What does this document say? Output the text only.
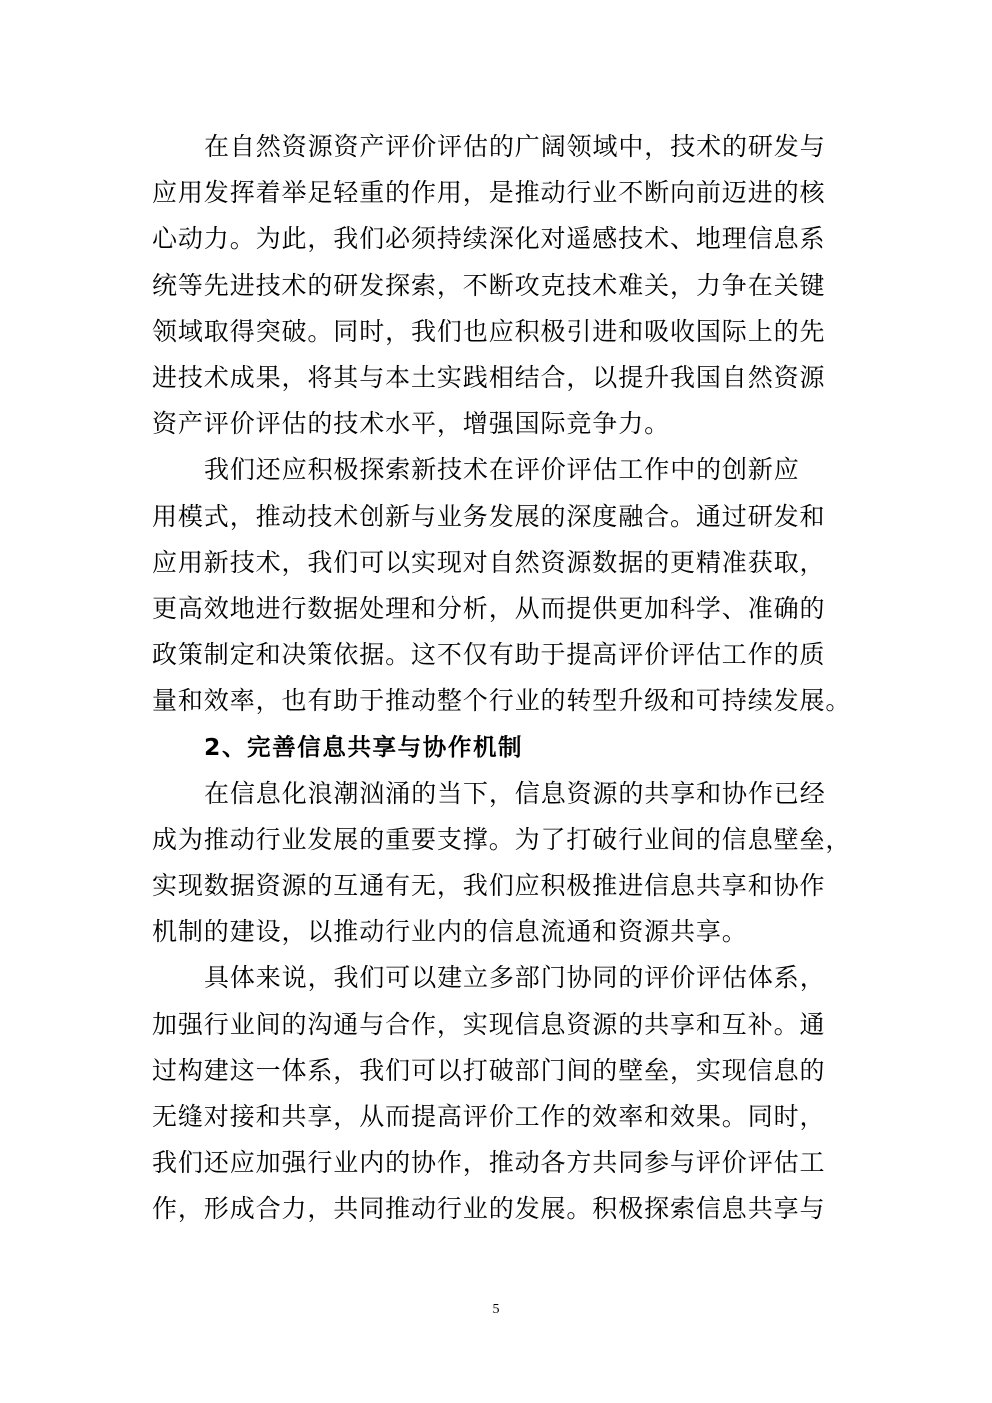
在自然资源资产评价评估的广阔领域中，技术的研发与
应用发挥着举足轻重的作用，是推动行业不断向前迈进的核
心动力。为此，我们必须持续深化对遥感技术、地理信息系
统等先进技术的研发探索，不断攻克技术难关，力争在关键
领域取得突破。同时，我们也应积极引进和吸收国际上的先
进技术成果，将其与本土实践相结合，以提升我国自然资源
资产评价评估的技术水平，增强国际竞争力。
我们还应积极探索新技术在评价评估工作中的创新应
用模式，推动技术创新与业务发展的深度融合。通过研发和
应用新技术，我们可以实现对自然资源数据的更精准获取，
更高效地进行数据处理和分析，从而提供更加科学、准确的
政策制定和决策依据。这不仅有助于提高评价评估工作的质
量和效率，也有助于推动整个行业的转型升级和可持续发展。
2、完善信息共享与协作机制
在信息化浪潮汹涌的当下，信息资源的共享和协作已经
成为推动行业发展的重要支撑。为了打破行业间的信息壁垒，
实现数据资源的互通有无，我们应积极推进信息共享和协作
机制的建设，以推动行业内的信息流通和资源共享。
具体来说，我们可以建立多部门协同的评价评估体系，
加强行业间的沟通与合作，实现信息资源的共享和互补。通
过构建这一体系，我们可以打破部门间的壁垒，实现信息的
无缝对接和共享，从而提高评价工作的效率和效果。同时，
我们还应加强行业内的协作，推动各方共同参与评价评估工
作，形成合力，共同推动行业的发展。积极探索信息共享与
5
